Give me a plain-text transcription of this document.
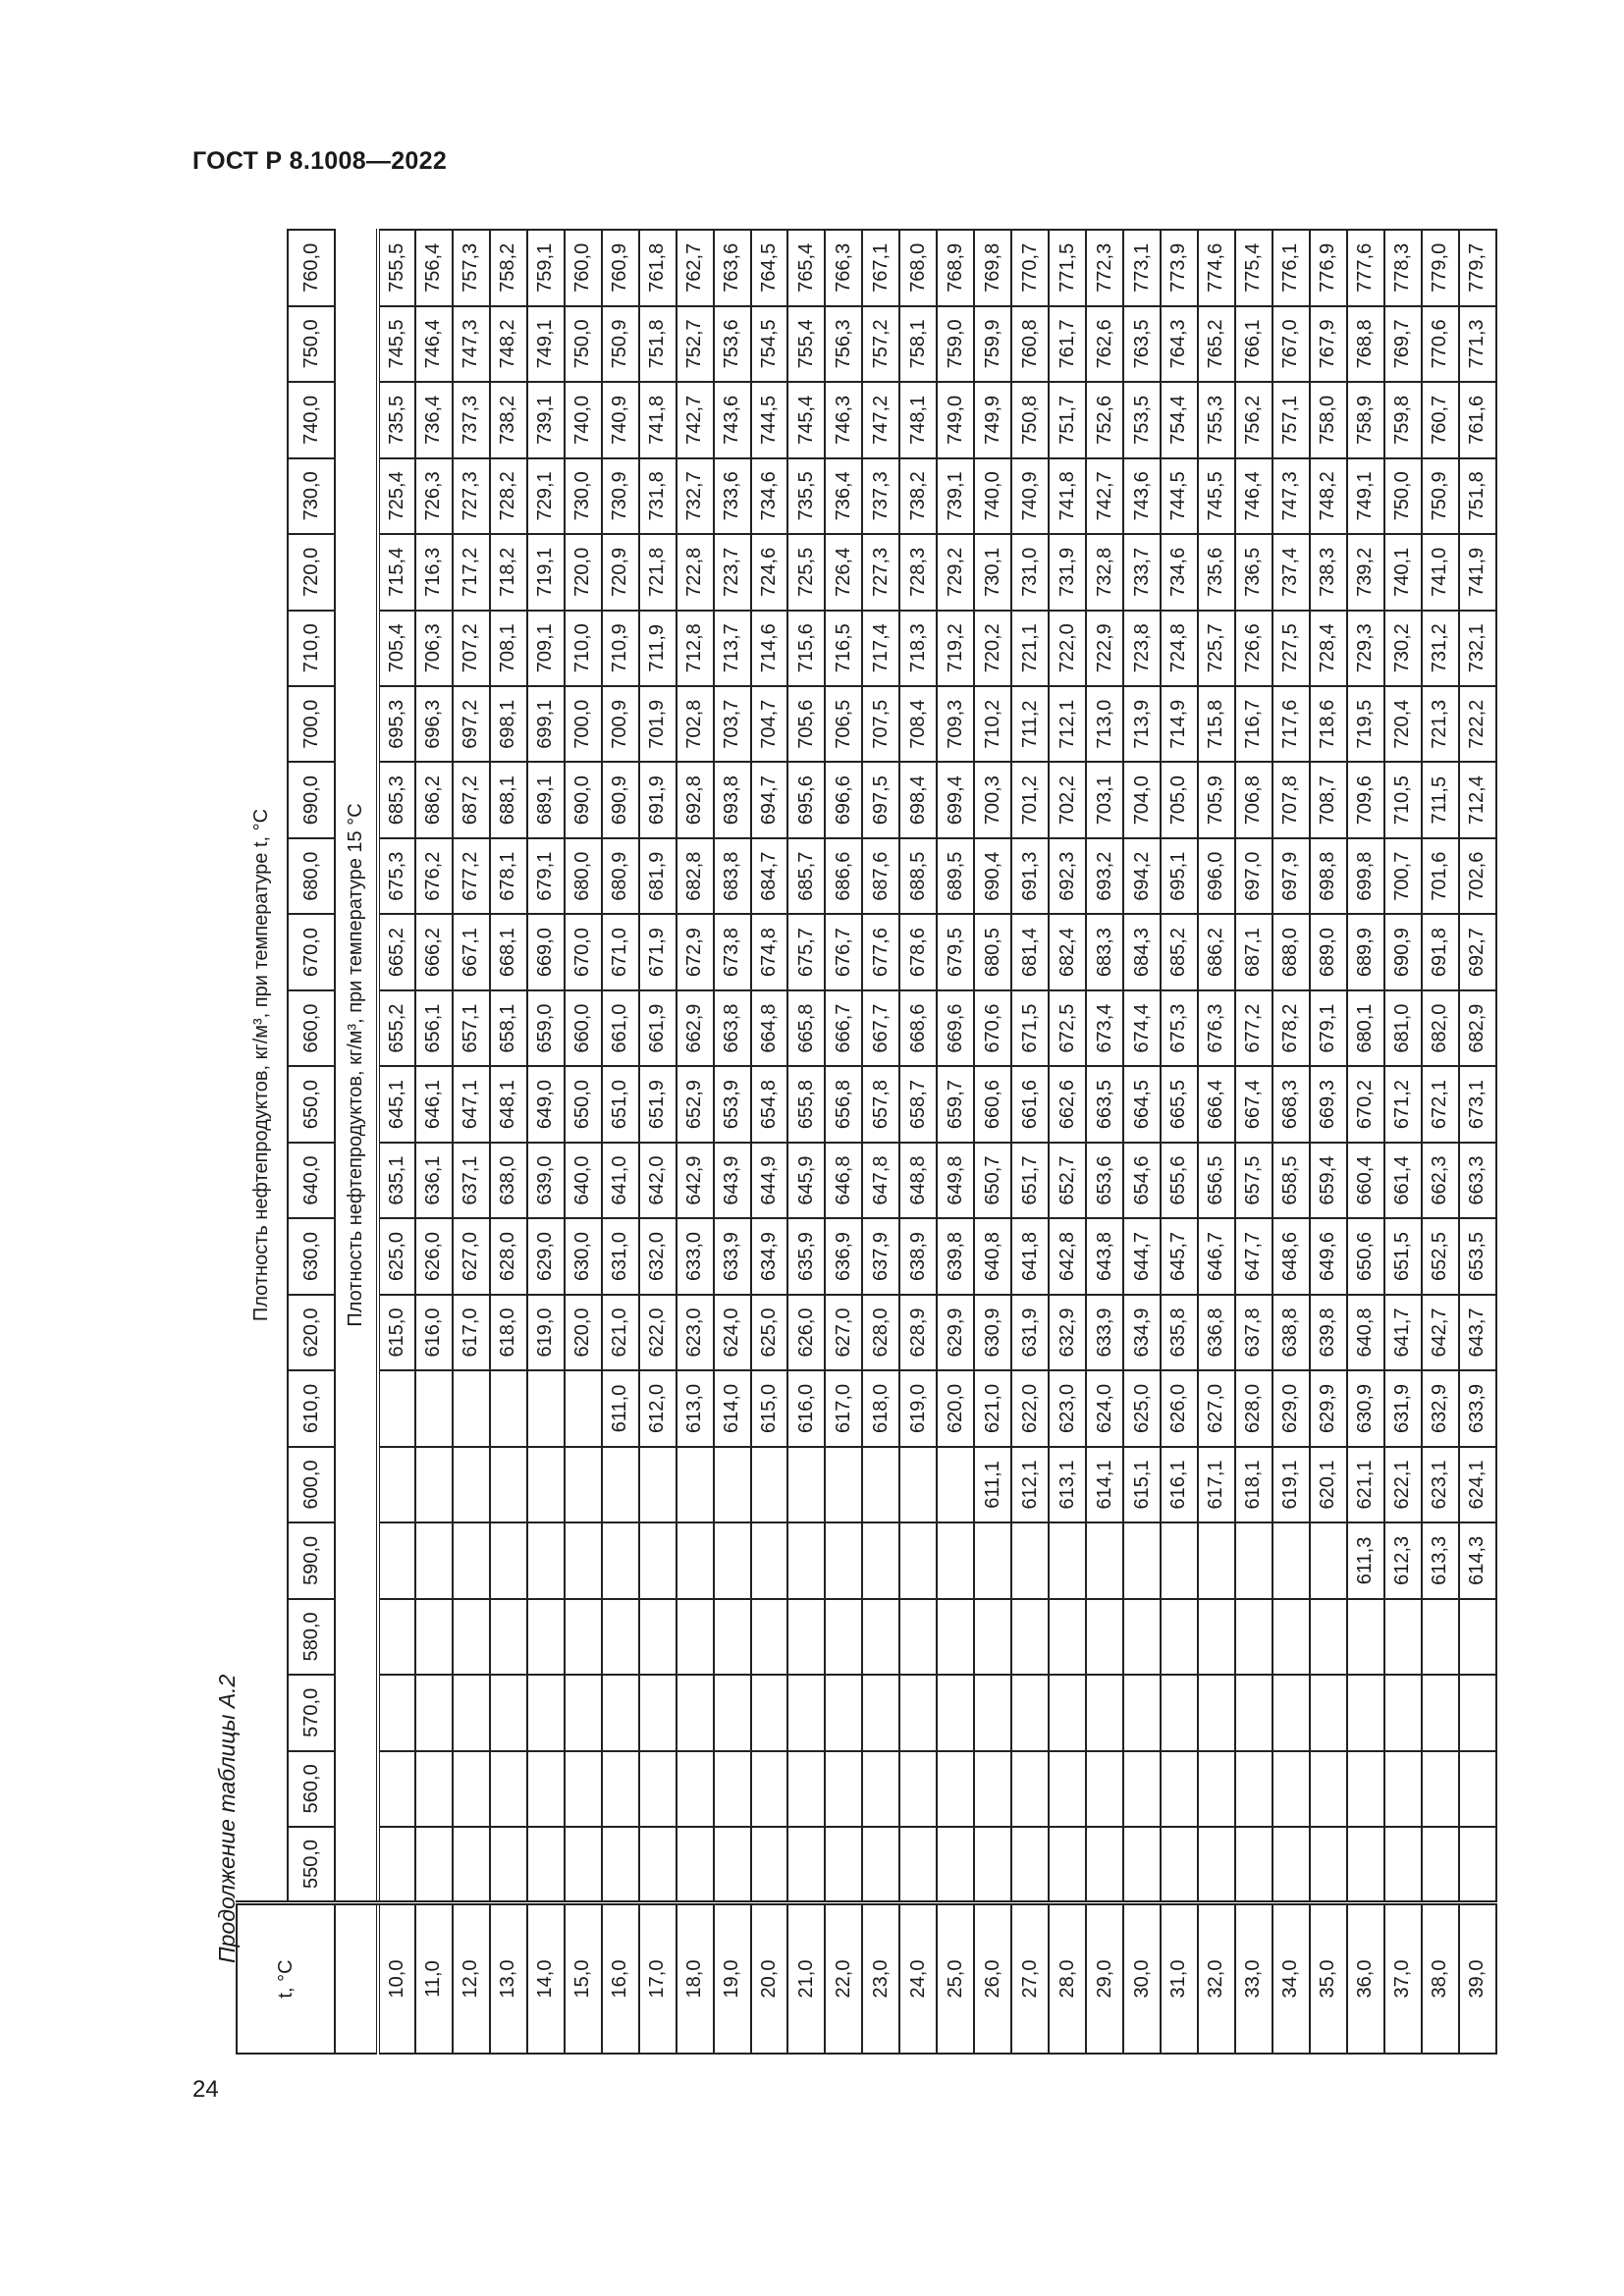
ГОСТ Р 8.1008—2022
Продолжение таблицы А.2
t, °C	Плотность нефтепродуктов, кг/м³, при температуре t, °C																					
	550,0	560,0	570,0	580,0	590,0	600,0	610,0	620,0	630,0	640,0	650,0	660,0	670,0	680,0	690,0	700,0	710,0	720,0	730,0	740,0	750,0	760,0
	Плотность нефтепродуктов, кг/м³, при температуре 15 °C																					
10,0								615,0	625,0	635,1	645,1	655,2	665,2	675,3	685,3	695,3	705,4	715,4	725,4	735,5	745,5	755,5
11,0								616,0	626,0	636,1	646,1	656,1	666,2	676,2	686,2	696,3	706,3	716,3	726,3	736,4	746,4	756,4
12,0								617,0	627,0	637,1	647,1	657,1	667,1	677,2	687,2	697,2	707,2	717,2	727,3	737,3	747,3	757,3
13,0								618,0	628,0	638,0	648,1	658,1	668,1	678,1	688,1	698,1	708,1	718,2	728,2	738,2	748,2	758,2
14,0								619,0	629,0	639,0	649,0	659,0	669,0	679,1	689,1	699,1	709,1	719,1	729,1	739,1	749,1	759,1
15,0								620,0	630,0	640,0	650,0	660,0	670,0	680,0	690,0	700,0	710,0	720,0	730,0	740,0	750,0	760,0
16,0							611,0	621,0	631,0	641,0	651,0	661,0	671,0	680,9	690,9	700,9	710,9	720,9	730,9	740,9	750,9	760,9
17,0							612,0	622,0	632,0	642,0	651,9	661,9	671,9	681,9	691,9	701,9	711,9	721,8	731,8	741,8	751,8	761,8
18,0							613,0	623,0	633,0	642,9	652,9	662,9	672,9	682,8	692,8	702,8	712,8	722,8	732,7	742,7	752,7	762,7
19,0							614,0	624,0	633,9	643,9	653,9	663,8	673,8	683,8	693,8	703,7	713,7	723,7	733,6	743,6	753,6	763,6
20,0							615,0	625,0	634,9	644,9	654,8	664,8	674,8	684,7	694,7	704,7	714,6	724,6	734,6	744,5	754,5	764,5
21,0							616,0	626,0	635,9	645,9	655,8	665,8	675,7	685,7	695,6	705,6	715,6	725,5	735,5	745,4	755,4	765,4
22,0							617,0	627,0	636,9	646,8	656,8	666,7	676,7	686,6	696,6	706,5	716,5	726,4	736,4	746,3	756,3	766,3
23,0							618,0	628,0	637,9	647,8	657,8	667,7	677,6	687,6	697,5	707,5	717,4	727,3	737,3	747,2	757,2	767,1
24,0							619,0	628,9	638,9	648,8	658,7	668,6	678,6	688,5	698,4	708,4	718,3	728,3	738,2	748,1	758,1	768,0
25,0							620,0	629,9	639,8	649,8	659,7	669,6	679,5	689,5	699,4	709,3	719,2	729,2	739,1	749,0	759,0	768,9
26,0						611,1	621,0	630,9	640,8	650,7	660,6	670,6	680,5	690,4	700,3	710,2	720,2	730,1	740,0	749,9	759,9	769,8
27,0						612,1	622,0	631,9	641,8	651,7	661,6	671,5	681,4	691,3	701,2	711,2	721,1	731,0	740,9	750,8	760,8	770,7
28,0						613,1	623,0	632,9	642,8	652,7	662,6	672,5	682,4	692,3	702,2	712,1	722,0	731,9	741,8	751,7	761,7	771,5
29,0						614,1	624,0	633,9	643,8	653,6	663,5	673,4	683,3	693,2	703,1	713,0	722,9	732,8	742,7	752,6	762,6	772,3
30,0						615,1	625,0	634,9	644,7	654,6	664,5	674,4	684,3	694,2	704,0	713,9	723,8	733,7	743,6	753,5	763,5	773,1
31,0						616,1	626,0	635,8	645,7	655,6	665,5	675,3	685,2	695,1	705,0	714,9	724,8	734,6	744,5	754,4	764,3	773,9
32,0						617,1	627,0	636,8	646,7	656,5	666,4	676,3	686,2	696,0	705,9	715,8	725,7	735,6	745,5	755,3	765,2	774,6
33,0						618,1	628,0	637,8	647,7	657,5	667,4	677,2	687,1	697,0	706,8	716,7	726,6	736,5	746,4	756,2	766,1	775,4
34,0						619,1	629,0	638,8	648,6	658,5	668,3	678,2	688,0	697,9	707,8	717,6	727,5	737,4	747,3	757,1	767,0	776,1
35,0						620,1	629,9	639,8	649,6	659,4	669,3	679,1	689,0	698,8	708,7	718,6	728,4	738,3	748,2	758,0	767,9	776,9
36,0					611,3	621,1	630,9	640,8	650,6	660,4	670,2	680,1	689,9	699,8	709,6	719,5	729,3	739,2	749,1	758,9	768,8	777,6
37,0					612,3	622,1	631,9	641,7	651,5	661,4	671,2	681,0	690,9	700,7	710,5	720,4	730,2	740,1	750,0	759,8	769,7	778,3
38,0					613,3	623,1	632,9	642,7	652,5	662,3	672,1	682,0	691,8	701,6	711,5	721,3	731,2	741,0	750,9	760,7	770,6	779,0
39,0					614,3	624,1	633,9	643,7	653,5	663,3	673,1	682,9	692,7	702,6	712,4	722,2	732,1	741,9	751,8	761,6	771,3	779,7
24
